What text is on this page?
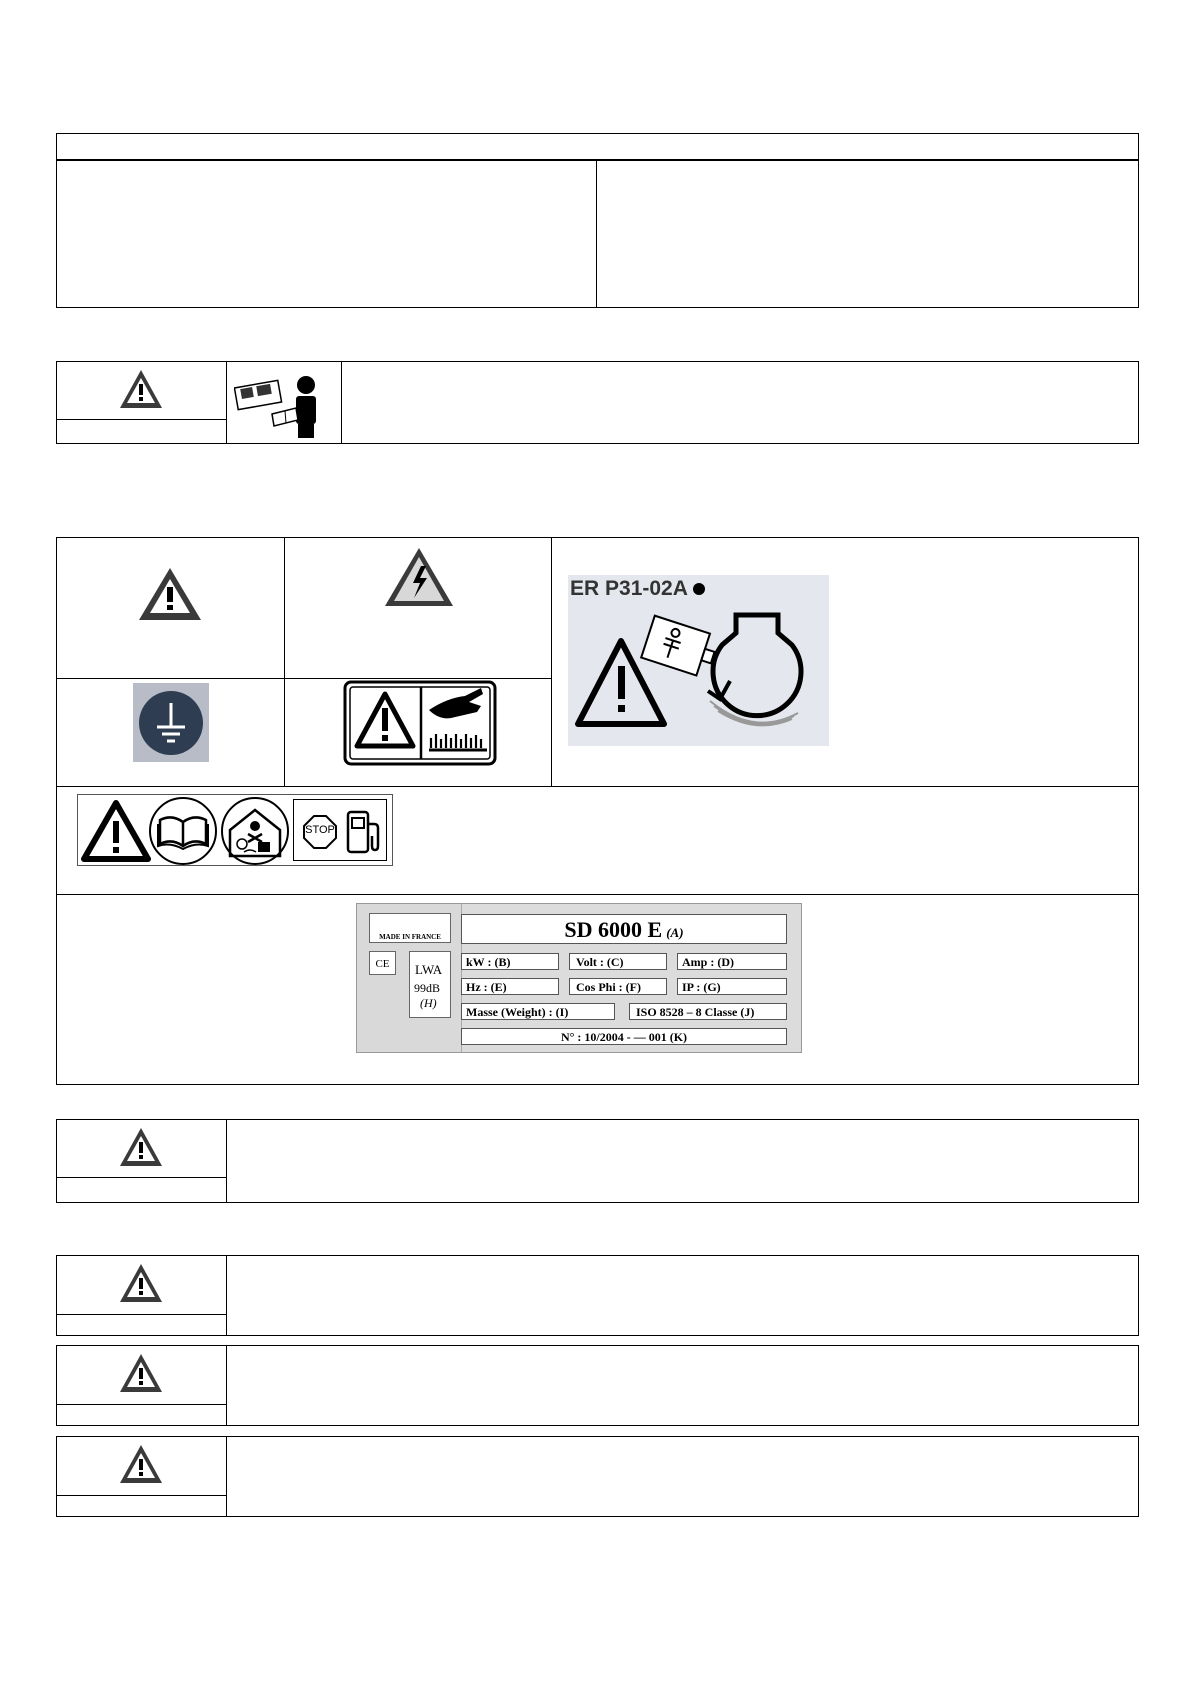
ER P31-02A
STOP
MADE IN FRANCE
CE	LWA
99dB
(H)
SD 6000 E (A)
kW : (B)	Volt : (C)	Amp : (D)
Hz : (E)	Cos Phi : (F)	IP : (G)
Masse (Weight) : (I)	ISO 8528 – 8 Classe (J)
N° : 10/2004 - — 001 (K)
